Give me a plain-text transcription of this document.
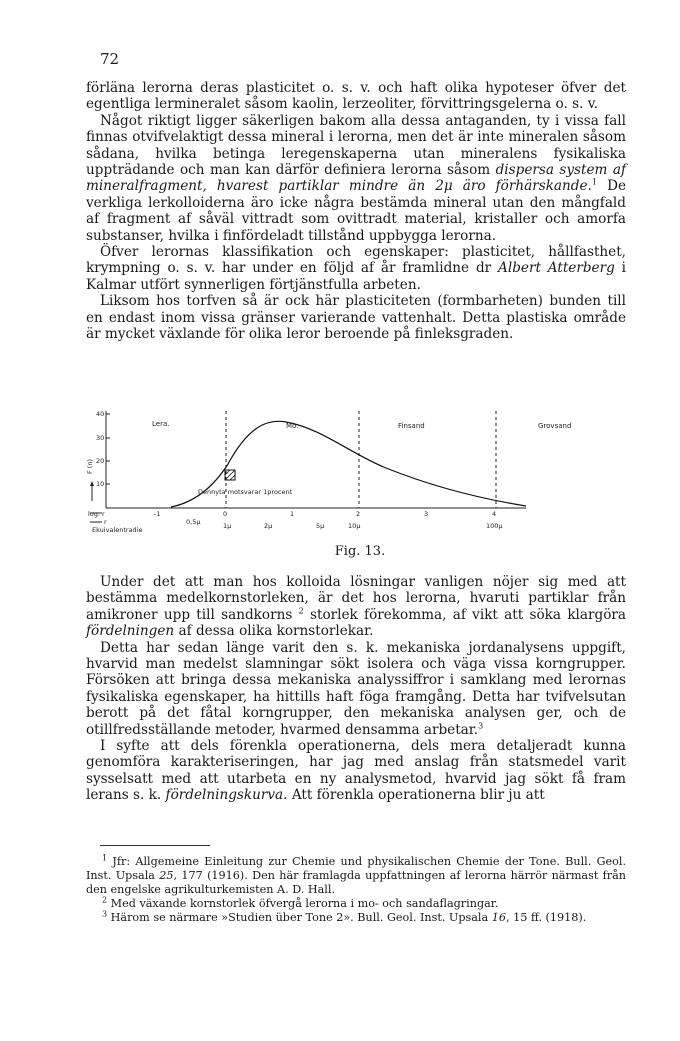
72

förläna lerorna deras plasticitet o. s. v. och haft olika hypoteser öfver det egentliga lermineralet såsom kaolin, lerzeoliter, förvittringsgelerna o. s. v.

Något riktigt ligger säkerligen bakom alla dessa antaganden, ty i vissa fall finnas otvifvelaktigt dessa mineral i lerorna, men det är inte mineralen såsom sådana, hvilka betinga leregenskaperna utan mineralens fysikaliska uppträdande och man kan därför definiera lerorna såsom dispersa system af mineralfragment, hvarest partiklar mindre än 2μ äro förhärskande.$^1$ De verkliga lerkolloiderna äro icke några bestämda mineral utan den mångfald af fragment af såväl vittradt som ovittradt material, kristaller och amorfa substanser, hvilka i finfördeladt tillstånd uppbygga lerorna.

Öfver lerornas klassifikation och egenskaper: plasticitet, hållfasthet, krympning o. s. v. har under en följd af år framlidne dr Albert Atterberg i Kalmar utfört synnerligen förtjänstfulla arbeten.

Liksom hos torfven så är ock här plasticiteten (formbarheten) bunden till en endast inom vissa gränser varierande vattenhalt. Detta plastiska område är mycket växlande för olika leror beroende på finleksgraden.

40
30
20
10
F (n)
Lera.	Mo.	Finsand	Grovsand
Dennyta motsvarar 1procent
log. r	-1	0	1	2	3	4
r	0,5μ	1μ	2μ	5μ	10μ	100μ
Ekuivalentradie
Fig. 13.

Under det att man hos kolloida lösningar vanligen nöjer sig med att bestämma medelkornstorleken, är det hos lerorna, hvaruti partiklar från amikroner upp till sandkorns $^2$ storlek förekomma, af vikt att söka klargöra fördelningen af dessa olika kornstorlekar.

Detta har sedan länge varit den s. k. mekaniska jordanalysens uppgift, hvarvid man medelst slamningar sökt isolera och väga vissa korngrupper. Försöken att bringa dessa mekaniska analyssiffror i samklang med lerornas fysikaliska egenskaper, ha hittills haft föga framgång. Detta har tvifvelsutan berott på det fåtal korngrupper, den mekaniska analysen ger, och de otillfredsställande metoder, hvarmed densamma arbetar.$^3$

I syfte att dels förenkla operationerna, dels mera detaljeradt kunna genomföra karakteriseringen, har jag med anslag från statsmedel varit sysselsatt med att utarbeta en ny analysmetod, hvarvid jag sökt få fram lerans s. k. fördelningskurva. Att förenkla operationerna blir ju att

$^1$ Jfr: Allgemeine Einleitung zur Chemie und physikalischen Chemie der Tone. Bull. Geol. Inst. Upsala 25, 177 (1916). Den här framlagda uppfattningen af lerorna härrör närmast från den engelske agrikulturkemisten A. D. Hall.

$^2$ Med växande kornstorlek öfvergå lerorna i mo- och sandaflagringar.

$^3$ Härom se närmare »Studien über Tone 2». Bull. Geol. Inst. Upsala 16, 15 ff. (1918).
